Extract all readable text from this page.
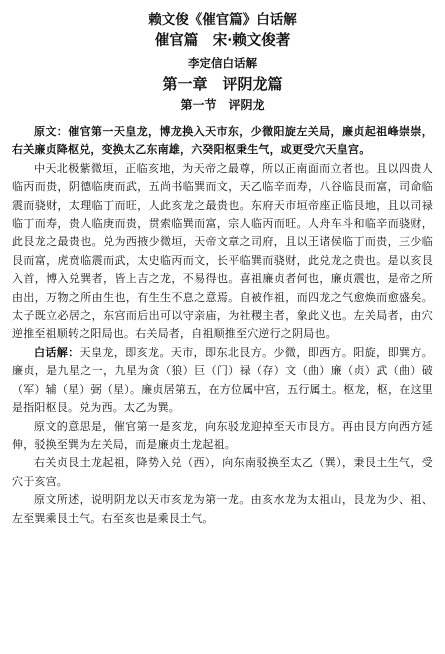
赖文俊《催官篇》白话解
催官篇　宋·赖文俊著
李定信白话解
第一章　评阴龙篇
第一节　评阴龙

原文：催官第一天皇龙，博龙换入天市东，少微阳旋左关局，廉贞起祖峰崇崇，右关廉贞降枢兑，变换太乙东南雄，六癸阳枢秉生气，或更受穴天皇宫。

中天北极紫微垣，正临亥地，为天帝之最尊，所以正南面而立者也。且以四贵人临丙而贵，阴德临庚而武，五尚书临巽而文，天乙临辛而寿，八谷临艮而富，司命临震而骁财，太理临丁而旺，人此亥龙之最贵也。东府天市垣帝座正临艮地，且以司禄临丁而寿，贵人临庚而贵，贯索临巽而富，宗人临丙而旺。人舟车斗和临辛而骁财，此艮龙之最贵也。兑为西掖少微垣，天帝文章之司府，且以王诸侯临丁而贵，三少临艮而富，虎贲临震而武，太史临丙而文，长平临巽而骁财，此兑龙之贵也。是以亥艮入首，博入兑巽者，皆上吉之龙，不易得也。喜祖廉贞者何也，廉贞震也，是帝之所由出，万物之所由生也，有生生不息之意焉。自被作祖，而四龙之气愈焕而愈盛矣。太子既立必居之，东宫而后出可以守亲庙，为社稷主者，象此义也。左关局者，由穴逆推至祖顺转之阳局也。右关局者，自祖顺推至穴逆行之阴局也。

白话解：天皇龙，即亥龙。天市，即东北艮方。少微，即西方。阳旋，即巽方。廉贞，是九星之一，九星为贪（狼）巨（门）禄（存）文（曲）廉（贞）武（曲）破（军）辅（星）弼（星）。廉贞居第五，在方位属中宫，五行属土。枢龙，枢，在这里是指阳枢艮。兑为西。太乙为巽。

原文的意思是，催官第一是亥龙，向东驳龙迎掉至天市艮方。再由艮方向西方延伸，驳换至巽为左关局，而是廉贞土龙起祖。

右关贞艮土龙起祖，降势入兑（西），向东南驳换至太乙（巽），秉艮土生气，受穴于亥宫。

原文所述，说明阴龙以天市亥龙为第一龙。由亥水龙为太祖山，艮龙为少、祖、左至巽乘艮土气。右至亥也是乘艮土气。
